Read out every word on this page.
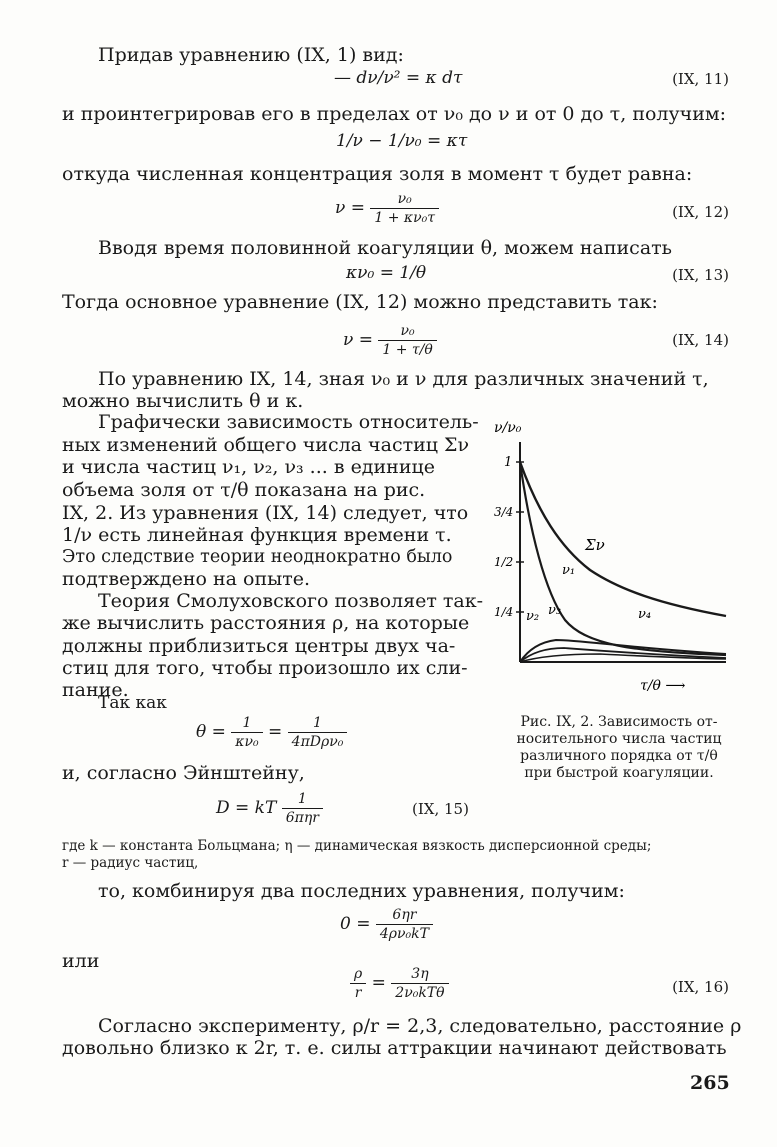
Придав уравнению (IX, 1) вид:
— dν/ν² = κ dτ	(IX, 11)
и проинтегрировав его в пределах от ν₀ до ν и от 0 до τ, получим:
1/ν − 1/ν₀ = κτ
откуда численная концентрация золя в момент τ будет равна:
$\nu = \frac{\text{ν₀}}{\text{1 + κν₀τ}}$	(IX, 12)
Вводя время половинной коагуляции θ, можем написать
κν₀ = 1/θ	(IX, 13)
Тогда основное уравнение (IX, 12) можно представить так:
$\nu = \frac{\text{ν₀}}{1 + \tau/\theta}$	(IX, 14)
По уравнению IX, 14, зная ν₀ и ν для различных значений τ,
можно вычислить θ и κ.
Графически зависимость относитель-
ных изменений общего числа частиц Σν
и числа частиц ν₁, ν₂, ν₃ ... в единице
объема золя от τ/θ показана на рис.
IX, 2. Из уравнения (IX, 14) следует, что
1/ν есть линейная функция времени τ.
Это следствие теории неоднократно было
подтверждено на опыте.
Теория Смолуховского позволяет так-
же вычислить расстояния ρ, на которые
должны приблизиться центры двух ча-
стиц для того, чтобы произошло их сли-
пание.
Так как
$\theta = \frac{1}{\text{κν₀}} = \frac{1}{\text{4πDρν₀}}$
и, согласно Эйнштейну,
D = kT $\frac{1}{\text{6πηr}}$	(IX, 15)
где k — константа Больцмана; η — динамическая вязкость дисперсионной среды;
r — радиус частиц,
то, комбинируя два последних уравнения, получим:
$0 = \frac{6\eta r}{\text{4ρν₀kT}}$
или
$\frac{\rho}{r} = \frac{3\eta}{\text{2ν₀kTθ}}$	(IX, 16)
Согласно эксперименту, ρ/r = 2,3, следовательно, расстояние ρ
довольно близко к 2r, т. е. силы аттракции начинают действовать
265
ν/ν₀
1
3/4
1/2
1/4
Σν
ν₁
ν₂ ν₃	ν₄
τ/θ ⟶
Рис. IX, 2. Зависимость от-
носительного числа частиц
различного порядка от τ/θ
при быстрой коагуляции.
